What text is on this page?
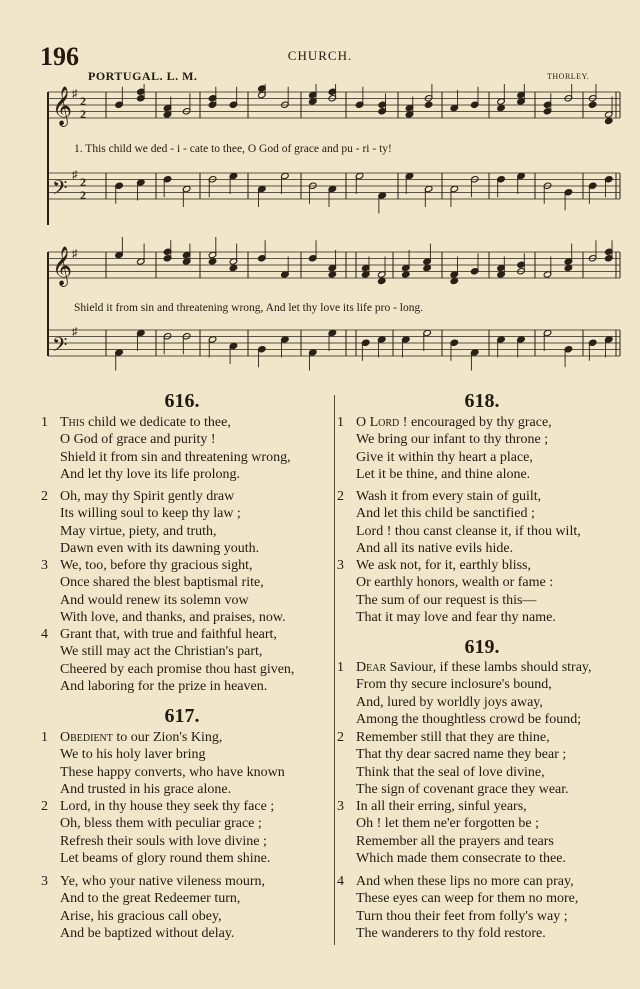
196	CHURCH.
PORTUGAL. L. M.	THORLEY.
𝄞
𝄢
𝄞
𝄢
♯ 2
2
♯ 2
2
♯
♯
1. This child we ded - i - cate to thee, O God of grace and pu - ri - ty!
Shield it from sin and threatening wrong, And let thy love its life pro - long.
616.
1 This child we dedicate to thee,
O God of grace and purity !
Shield it from sin and threatening wrong,
And let thy love its life prolong.
2 Oh, may thy Spirit gently draw
Its willing soul to keep thy law ;
May virtue, piety, and truth,
Dawn even with its dawning youth.
3 We, too, before thy gracious sight,
Once shared the blest baptismal rite,
And would renew its solemn vow
With love, and thanks, and praises, now.
4 Grant that, with true and faithful heart,
We still may act the Christian's part,
Cheered by each promise thou hast given,
And laboring for the prize in heaven.
617.
1 Obedient to our Zion's King,
We to his holy laver bring
These happy converts, who have known
And trusted in his grace alone.
2 Lord, in thy house they seek thy face ;
Oh, bless them with peculiar grace ;
Refresh their souls with love divine ;
Let beams of glory round them shine.
3 Ye, who your native vileness mourn,
And to the great Redeemer turn,
Arise, his gracious call obey,
And be baptized without delay.
618.
1 O Lord ! encouraged by thy grace,
We bring our infant to thy throne ;
Give it within thy heart a place,
Let it be thine, and thine alone.
2 Wash it from every stain of guilt,
And let this child be sanctified ;
Lord ! thou canst cleanse it, if thou wilt,
And all its native evils hide.
3 We ask not, for it, earthly bliss,
Or earthly honors, wealth or fame :
The sum of our request is this—
That it may love and fear thy name.
619.
1 Dear Saviour, if these lambs should stray,
From thy secure inclosure's bound,
And, lured by worldly joys away,
Among the thoughtless crowd be found;
2 Remember still that they are thine,
That thy dear sacred name they bear ;
Think that the seal of love divine,
The sign of covenant grace they wear.
3 In all their erring, sinful years,
Oh ! let them ne'er forgotten be ;
Remember all the prayers and tears
Which made them consecrate to thee.
4 And when these lips no more can pray,
These eyes can weep for them no more,
Turn thou their feet from folly's way ;
The wanderers to thy fold restore.
